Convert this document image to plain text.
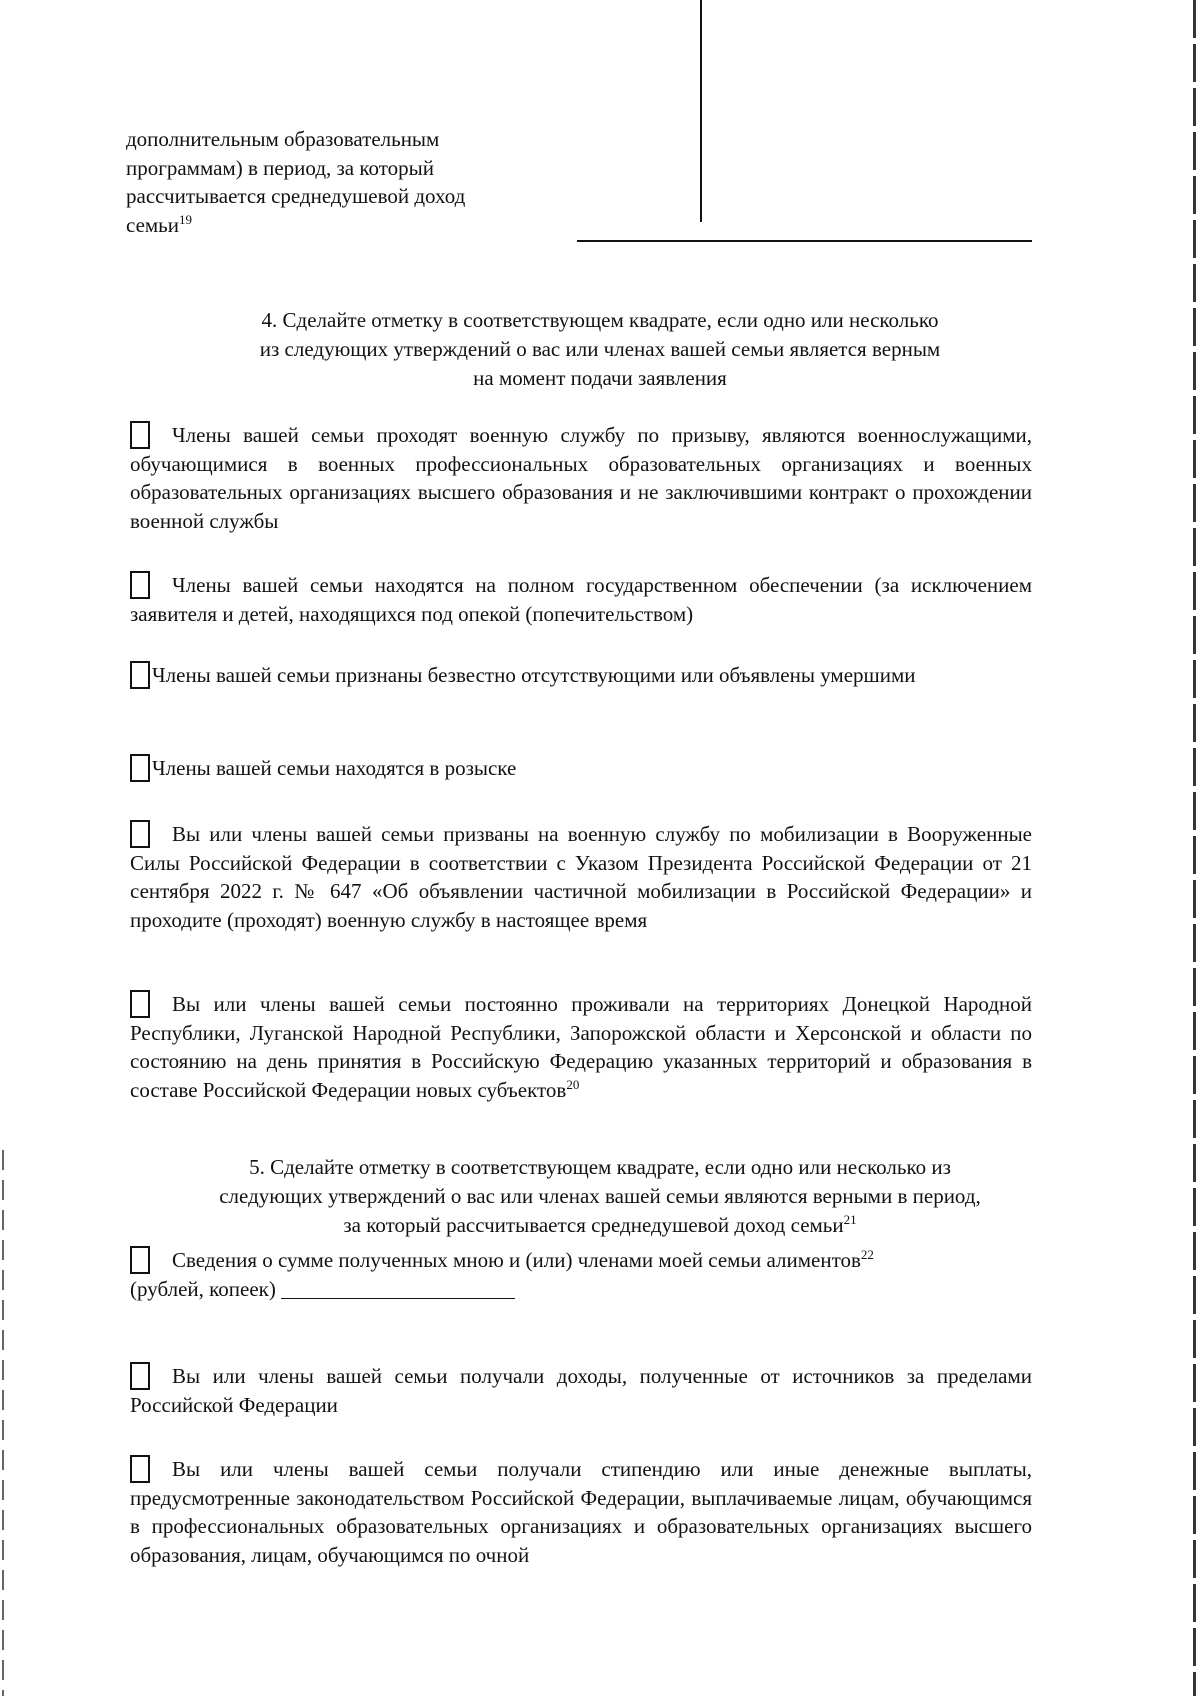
дополнительным образовательным
программам) в период, за который
рассчитывается среднедушевой доход
семьи$^{19}$
4. Сделайте отметку в соответствующем квадрате, если одно или несколько
из следующих утверждений о вас или членах вашей семьи является верным
на момент подачи заявления
Члены вашей семьи проходят военную службу по призыву, являются военнослужащими, обучающимися в военных профессиональных образовательных организациях и военных образовательных организациях высшего образования и не заключившими контракт о прохождении военной службы
Члены вашей семьи находятся на полном государственном обеспечении (за исключением заявителя и детей, находящихся под опекой (попечительством)
Члены вашей семьи признаны безвестно отсутствующими или объявлены умершими
Члены вашей семьи находятся в розыске
Вы или члены вашей семьи призваны на военную службу по мобилизации в Вооруженные Силы Российской Федерации в соответствии с Указом Президента Российской Федерации от 21 сентября 2022 г. № 647 «Об объявлении частичной мобилизации в Российской Федерации» и проходите (проходят) военную службу в настоящее время
Вы или члены вашей семьи постоянно проживали на территориях Донецкой Народной Республики, Луганской Народной Республики, Запорожской области и Херсонской и области по состоянию на день принятия в Российскую Федерацию указанных территорий и образования в составе Российской Федерации новых субъектов$^{20}$
5. Сделайте отметку в соответствующем квадрате, если одно или несколько из
следующих утверждений о вас или членах вашей семьи являются верными в период,
за который рассчитывается среднедушевой доход семьи$^{21}$
Сведения о сумме полученных мною и (или) членами моей семьи алиментов$^{22}$
(рублей, копеек)
Вы или члены вашей семьи получали доходы, полученные от источников за пределами Российской Федерации
Вы или члены вашей семьи получали стипендию или иные денежные выплаты, предусмотренные законодательством Российской Федерации, выплачиваемые лицам, обучающимся в профессиональных образовательных организациях и образовательных организациях высшего образования, лицам, обучающимся по очной
